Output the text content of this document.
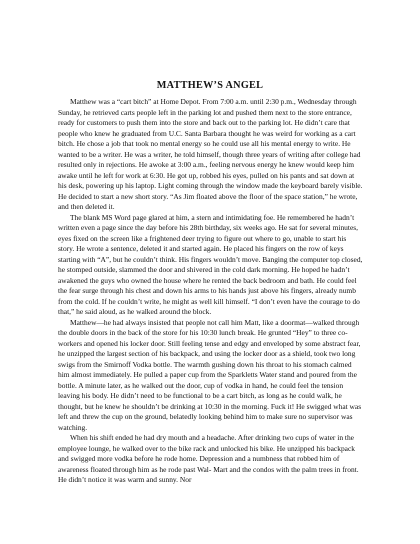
MATTHEW’S ANGEL

Matthew was a “cart bitch” at Home Depot. From 7:00 a.m. until 2:30 p.m., Wednesday through Sunday, he retrieved carts people left in the parking lot and pushed them next to the store entrance, ready for customers to push them into the store and back out to the parking lot. He didn’t care that people who knew he graduated from U.C. Santa Barbara thought he was weird for working as a cart bitch. He chose a job that took no mental energy so he could use all his mental energy to write. He wanted to be a writer. He was a writer, he told himself, though three years of writing after college had resulted only in rejections. He awoke at 3:00 a.m., feeling nervous energy he knew would keep him awake until he left for work at 6:30. He got up, robbed his eyes, pulled on his pants and sat down at his desk, powering up his laptop. Light coming through the window made the keyboard barely visible. He decided to start a new short story. “As Jim floated above the floor of the space station,” he wrote, and then deleted it.

The blank MS Word page glared at him, a stern and intimidating foe. He remembered he hadn’t written even a page since the day before his 28th birthday, six weeks ago. He sat for several minutes, eyes fixed on the screen like a frightened deer trying to figure out where to go, unable to start his story. He wrote a sentence, deleted it and started again. He placed his fingers on the row of keys starting with “A”, but he couldn’t think. His fingers wouldn’t move. Banging the computer top closed, he stomped outside, slammed the door and shivered in the cold dark morning. He hoped he hadn’t awakened the guys who owned the house where he rented the back bedroom and bath. He could feel the fear surge through his chest and down his arms to his hands just above his fingers, already numb from the cold. If he couldn’t write, he might as well kill himself. “I don’t even have the courage to do that,” he said aloud, as he walked around the block.

Matthew—he had always insisted that people not call him Matt, like a doormat—walked through the double doors in the back of the store for his 10:30 lunch break. He grunted “Hey” to three co-workers and opened his locker door. Still feeling tense and edgy and enveloped by some abstract fear, he unzipped the largest section of his backpack, and using the locker door as a shield, took two long swigs from the Smirnoff Vodka bottle. The warmth gushing down his throat to his stomach calmed him almost immediately. He pulled a paper cup from the Sparkletts Water stand and poured from the bottle. A minute later, as he walked out the door, cup of vodka in hand, he could feel the tension leaving his body. He didn’t need to be functional to be a cart bitch, as long as he could walk, he thought, but he knew he shouldn’t be drinking at 10:30 in the morning. Fuck it! He swigged what was left and threw the cup on the ground, belatedly looking behind him to make sure no supervisor was watching.

When his shift ended he had dry mouth and a headache. After drinking two cups of water in the employee lounge, he walked over to the bike rack and unlocked his bike. He unzipped his backpack and swigged more vodka before he rode home. Depression and a numbness that robbed him of awareness floated through him as he rode past Wal- Mart and the condos with the palm trees in front. He didn’t notice it was warm and sunny. Nor
